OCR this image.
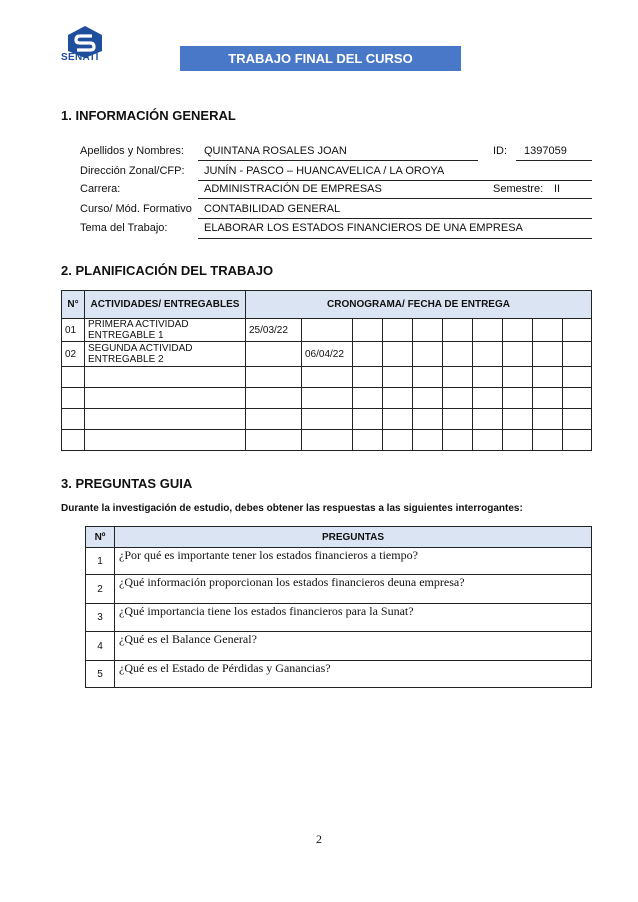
SENATI	TRABAJO FINAL DEL CURSO
1. INFORMACIÓN GENERAL
Apellidos y Nombres: QUINTANA ROSALES JOAN	ID: 1397059
Dirección Zonal/CFP: JUNÍN - PASCO – HUANCAVELICA / LA OROYA
Carrera:	ADMINISTRACIÓN DE EMPRESAS	Semestre: II
Curso/ Mód. Formativo CONTABILIDAD GENERAL
Tema del Trabajo:	ELABORAR LOS ESTADOS FINANCIEROS DE UNA EMPRESA
2. PLANIFICACIÓN DEL TRABAJO
N°	ACTIVIDADES/ ENTREGABLES	CRONOGRAMA/ FECHA DE ENTREGA									
01	PRIMERA ACTIVIDAD ENTREGABLE 1	25/03/22									
02	SEGUNDA ACTIVIDAD ENTREGABLE 2		06/04/22								

3. PREGUNTAS GUIA
Durante la investigación de estudio, debes obtener las respuestas a las siguientes interrogantes:
Nº	PREGUNTAS
1	¿Por qué es importante tener los estados financieros a tiempo?
2	¿Qué información proporcionan los estados financieros deuna empresa?
3	¿Qué importancia tiene los estados financieros para la Sunat?
4	¿Qué es el Balance General?
5	¿Qué es el Estado de Pérdidas y Ganancias?
2
